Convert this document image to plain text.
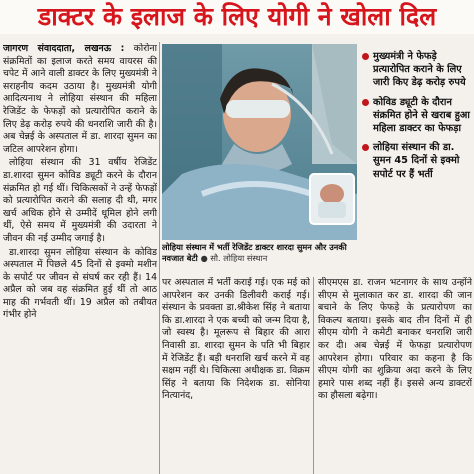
डाक्टर के इलाज के लिए योगी ने खोला दिल

जागरण संवाददाता, लखनऊ : कोरोना संक्रमितों का इलाज करते समय वायरस की चपेट में आने वाली डाक्टर के लिए मुख्यमंत्री ने सराहनीय कदम उठाया है। मुख्यमंत्री योगी आदित्यनाथ ने लोहिया संस्थान की महिला रेजिडेंट के फेफड़ों को प्रत्यारोपित कराने के लिए डेढ़ करोड़ रुपये की धनराशि जारी की है। अब चेन्नई के अस्पताल में डा. शारदा सुमन का जटिल आपरेशन होगा।

लोहिया संस्थान की 31 वर्षीय रेजिडेंट डा.शारदा सुमन कोविड ड्यूटी करने के दौरान संक्रमित हो गई थीं। चिकित्सकों ने उन्हें फेफड़ों को प्रत्यारोपित कराने की सलाह दी थी, मगर खर्च अधिक होने से उम्मीदें धूमिल होने लगी थीं, ऐसे समय में मुख्यमंत्री की उदारता ने जीवन की नई उम्मीद जगाई है।

डा.शारदा सुमन लोहिया संस्थान के कोविड अस्पताल में पिछले 45 दिनों से इक्मो मशीन के सपोर्ट पर जीवन से संघर्ष कर रही हैं। 14 अप्रैल को जब वह संक्रमित हुई थीं तो आठ माह की गर्भवती थीं। 19 अप्रैल को तबीयत गंभीर होने

लोहिया संस्थान में भर्ती रेजिडेंट डाक्टर शारदा सुमन और उनकी नवजात बेटी ● सौ. लोहिया संस्थान
मुख्यमंत्री ने फेफड़े प्रत्यारोपित कराने के लिए जारी किए डेढ़ करोड़ रुपये
कोविड ड्यूटी के दौरान संक्रमित होने से खराब हुआ महिला डाक्टर का फेफड़ा
लोहिया संस्थान की डा. सुमन 45 दिनों से इक्मो सपोर्ट पर हैं भर्ती

पर अस्पताल में भर्ती कराई गई। एक मई को आपरेशन कर उनकी डिलीवरी कराई गई। संस्थान के प्रवक्ता डा.श्रीकेश सिंह ने बताया कि डा.शारदा ने एक बच्ची को जन्म दिया है, जो स्वस्थ है। मूलरूप से बिहार की आरा निवासी डा. शारदा सुमन के पति भी बिहार में रेजिडेंट हैं। बड़ी धनराशि खर्च करने में वह सक्षम नहीं थे। चिकित्सा अधीक्षक डा. विक्रम सिंह ने बताया कि निदेशक डा. सोनिया नित्यानंद,

सीएमएस डा. राजन भटनागर के साथ उन्होंने सीएम से मुलाकात कर डा. शारदा की जान बचाने के लिए फेफड़े के प्रत्यारोपण का विकल्प बताया। इसके बाद तीन दिनों में ही सीएम योगी ने कमेटी बनाकर धनराशि जारी कर दी। अब चेन्नई में फेफड़ा प्रत्यारोपण आपरेशन होगा। परिवार का कहना है कि सीएम योगी का शुक्रिया अदा करने के लिए हमारे पास शब्द नहीं हैं। इससे अन्य डाक्टरों का हौसला बढ़ेगा।
